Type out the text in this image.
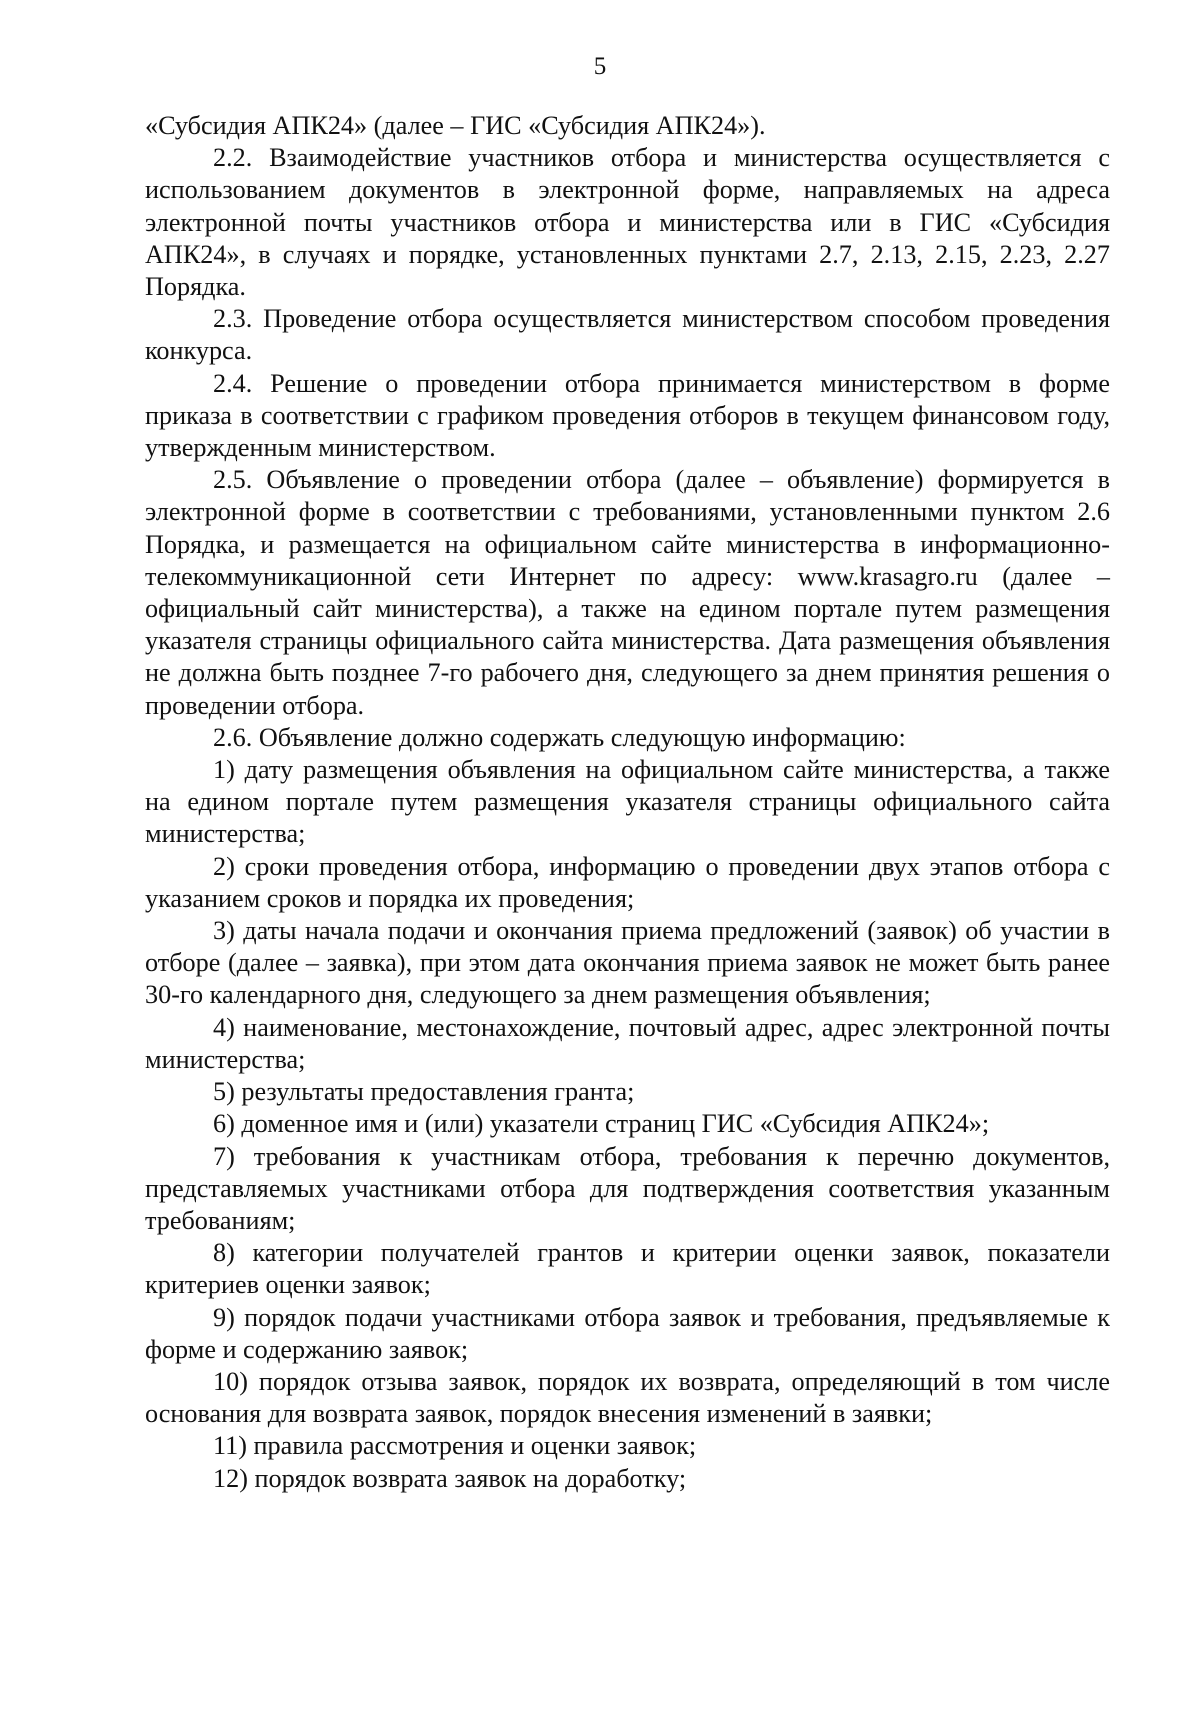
5

«Субсидия АПК24» (далее – ГИС «Субсидия АПК24»).

2.2. Взаимодействие участников отбора и министерства осуществляется с использованием документов в электронной форме, направляемых на адреса электронной почты участников отбора и министерства или в ГИС «Субсидия АПК24», в случаях и порядке, установленных пунктами 2.7, 2.13, 2.15, 2.23, 2.27 Порядка.

2.3. Проведение отбора осуществляется министерством способом проведения конкурса.

2.4. Решение о проведении отбора принимается министерством в форме приказа в соответствии с графиком проведения отборов в текущем финансовом году, утвержденным министерством.

2.5. Объявление о проведении отбора (далее – объявление) формируется в электронной форме в соответствии с требованиями, установленными пунктом 2.6 Порядка, и размещается на официальном сайте министерства в информационно-телекоммуникационной сети Интернет по адресу: www.krasagro.ru (далее – официальный сайт министерства), а также на едином портале путем размещения указателя страницы официального сайта министерства. Дата размещения объявления не должна быть позднее 7-го рабочего дня, следующего за днем принятия решения о проведении отбора.

2.6. Объявление должно содержать следующую информацию:

1) дату размещения объявления на официальном сайте министерства, а также на едином портале путем размещения указателя страницы официального сайта министерства;

2) сроки проведения отбора, информацию о проведении двух этапов отбора с указанием сроков и порядка их проведения;

3) даты начала подачи и окончания приема предложений (заявок) об участии в отборе (далее – заявка), при этом дата окончания приема заявок не может быть ранее 30-го календарного дня, следующего за днем размещения объявления;

4) наименование, местонахождение, почтовый адрес, адрес электронной почты министерства;

5) результаты предоставления гранта;

6) доменное имя и (или) указатели страниц ГИС «Субсидия АПК24»;

7) требования к участникам отбора, требования к перечню документов, представляемых участниками отбора для подтверждения соответствия указанным требованиям;

8) категории получателей грантов и критерии оценки заявок, показатели критериев оценки заявок;

9) порядок подачи участниками отбора заявок и требования, предъявляемые к форме и содержанию заявок;

10) порядок отзыва заявок, порядок их возврата, определяющий в том числе основания для возврата заявок, порядок внесения изменений в заявки;

11) правила рассмотрения и оценки заявок;

12) порядок возврата заявок на доработку;
